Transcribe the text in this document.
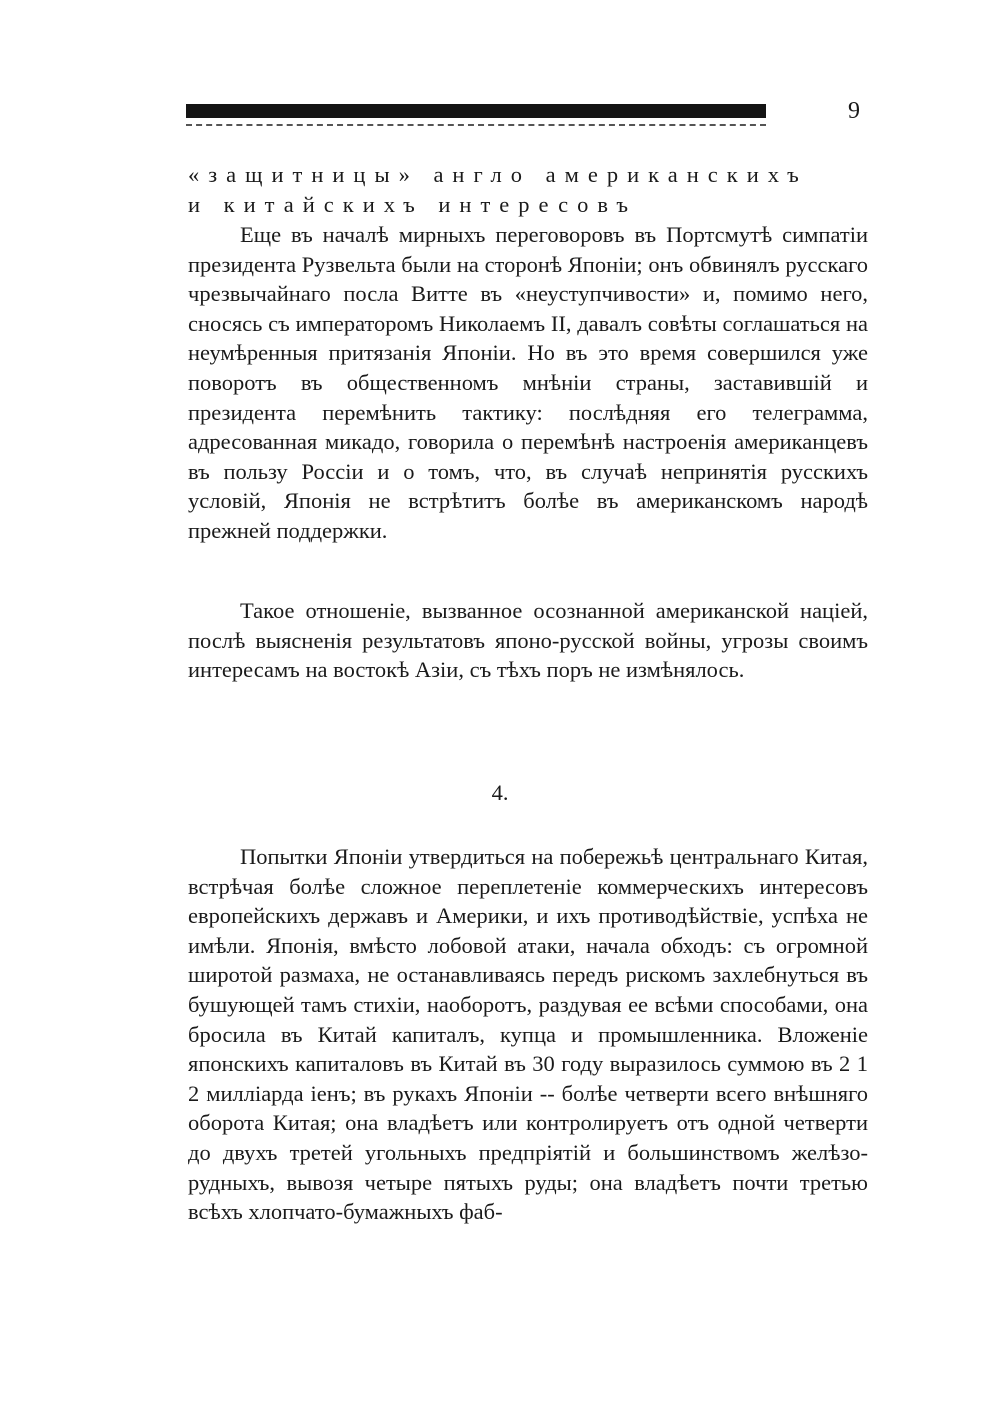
9
«защитницы» англо американскихъ
и китайскихъ интересовъ

Еще въ началѣ мирныхъ переговоровъ въ Портсмутѣ симпатіи президента Рузвельта были на сторонѣ Японіи; онъ обвинялъ русскаго чрезвычайнаго посла Витте въ «неуступчивости» и, помимо него, сносясь съ императоромъ Николаемъ II, давалъ совѣты соглашаться на неумѣренныя притязанія Японіи. Но въ это время совершился уже поворотъ въ общественномъ мнѣніи страны, заставившій и президента перемѣнить тактику: послѣдняя его телеграмма, адресованная микадо, говорила о перемѣнѣ настроенія американцевъ въ пользу Россіи и о томъ, что, въ случаѣ непринятія русскихъ условій, Японія не встрѣтитъ болѣе въ американскомъ народѣ прежней поддержки.

Такое отношеніе, вызванное осознанной американской націей, послѣ выясненія результатовъ японо-русской войны, угрозы своимъ интересамъ на востокѣ Азіи, съ тѣхъ поръ не измѣнялось.

4.

Попытки Японіи утвердиться на побережьѣ центральнаго Китая, встрѣчая болѣе сложное переплетеніе коммерческихъ интересовъ европейскихъ державъ и Америки, и ихъ противодѣйствіе, успѣха не имѣли. Японія, вмѣсто лобовой атаки, начала обходъ: съ огромной широтой размаха, не останавливаясь передъ рискомъ захлебнуться въ бушующей тамъ стихіи, наоборотъ, раздувая ее всѣми способами, она бросила въ Китай капиталъ, купца и промышленника. Вложеніе японскихъ капиталовъ въ Китай въ 30 году выразилось суммою въ 2 1 2 милліарда іенъ; въ рукахъ Японіи -- болѣе четверти всего внѣшняго оборота Китая; она владѣетъ или контролируетъ отъ одной четверти до двухъ третей угольныхъ предпріятій и большинствомъ желѣзо-рудныхъ, вывозя четыре пятыхъ руды; она владѣетъ почти третью всѣхъ хлопчато-бумажныхъ фаб-
